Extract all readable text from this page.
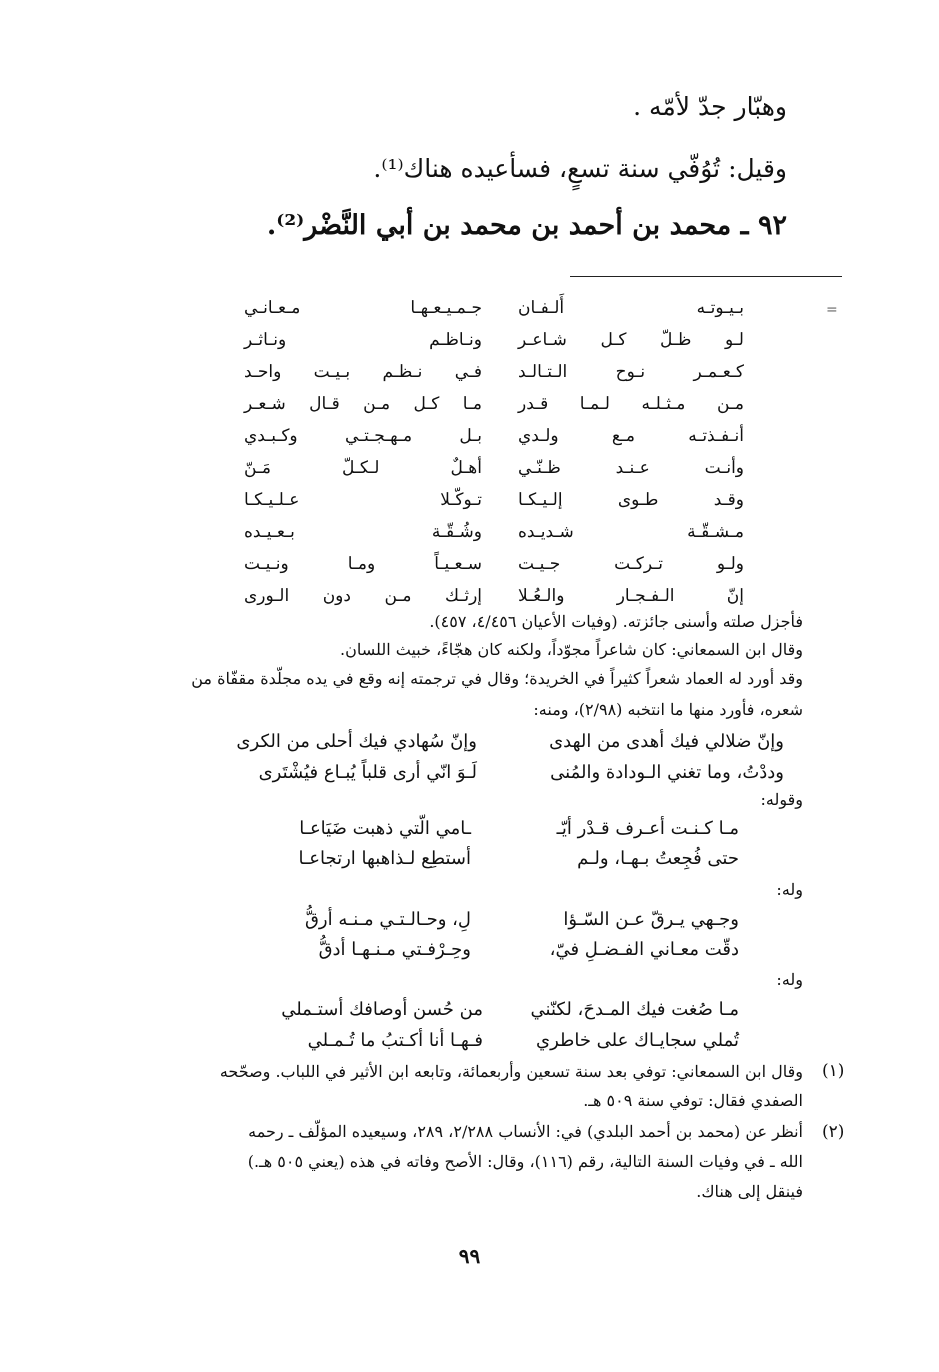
وهبّار جدّ لأمّه .
وقيل: تُوُفّي سنة تسعٍ، فسأعيده هناك⁽¹⁾.
٩٢ ـ محمد بن أحمد بن محمد بن أبي النَّضْر⁽²⁾.
=
بـيـوتـه أَلـفـان
جـمـيـعـهـا مـعـانـي
لـو ظـلّ كـل شـاعـر
ونـاظـم ونـاثـر
كـعـمـر نـوح الـتـالـد
فـي نـظـم بـيـت واحـد
مـن مـثـلـه لـمـا قـدر
مـا كـل مـن قـال شـعـر
أنـفـذتـه مـع ولـدي
بـل مـهـجـتـي وكـبـدي
وأنـت عـنـد ظـنّـي
أهـلٌ لـكـلّ مَـنّ
وقـد طـوى إلـيـكـا
تـوكّـلا عـلـيـكـا
مـشـقّـة شـديـده
وشُـقّـة بـعـيـده
ولـو تـركـت جـيـت
سـعـيـاً ومـا ونـيـت
إنّ الـفـجـار والـعُـلا
إرثـك مـن دون الـورى
فأجزل صلته وأسنى جائزته. (وفيات الأعيان ٤/٤٥٦، ٤٥٧).
وقال ابن السمعاني: كان شاعراً مجوّداً، ولكنه كان هجّاءً، خبيث اللسان.
وقد أورد له العماد شعراً كثيراً في الخريدة؛ وقال في ترجمته إنه وقع في يده مجلّدة مقفّاة من
شعره، فأورد منها ما انتخبه (٢/٩٨)، ومنه:
وإنّ ضلالي فيك أهدى من الهدى
وإنّ سُهادي فيك أحلى من الكرى
وددْتُ، وما تغني الـودادة والمُنى
لَـوَ انّي أرى قلباً يُبـاع فيُشْتَرى
وقوله:
مـا كـنـت أعـرف قـدْر أيّـ
ـامي الّتي ذهبت ضَيَاعـا
حتى فُجِعتُ بـهـا، ولـم
أستطِع لـذاهبها ارتجاعـا
وله:
وجـهي يـرقّ عـن السّـؤا
لِ، وحـالـتـي مـنـه أرقُّ
دقّت معـاني الفـضـلِ فيّ،
وحِـرْفـتي مـنـهـا أدقُّ
وله:
مـا صُغت فيك المـدحَ، لكنّني
من حُسن أوصافك أستـملي
تُملي سجايـاك على خاطري
فـهـا أنا أكـتبُ ما تُـمـلي
(١)
وقال ابن السمعاني: توفي بعد سنة تسعين وأربعمائة، وتابعه ابن الأثير في اللباب. وصحّحه
الصفدي فقال: توفي سنة ٥٠٩ هـ.
(٢)
أنظر عن (محمد بن أحمد البلدي) في: الأنساب ٢/٢٨٨، ٢٨٩، وسيعيده المؤلّف ـ رحمه
الله ـ في وفيات السنة التالية، رقم (١١٦)، وقال: الأصح وفاته في هذه (يعني ٥٠٥ هـ.)
فينقل إلى هناك.
٩٩
